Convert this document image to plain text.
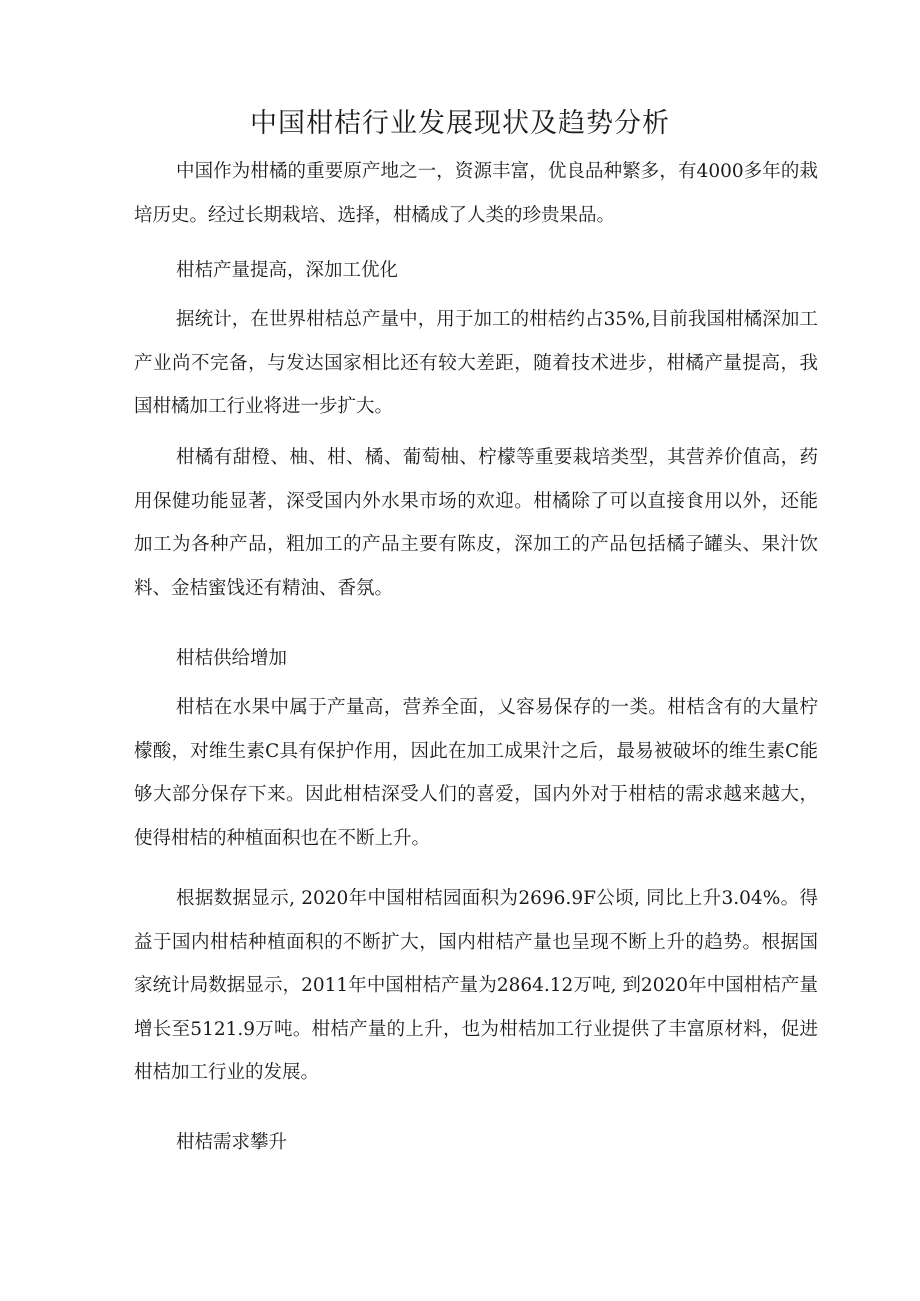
中国柑桔行业发展现状及趋势分析

中国作为柑橘的重要原产地之一，资源丰富，优良品种繁多，有4000多年的栽培历史。经过长期栽培、选择，柑橘成了人类的珍贵果品。

柑桔产量提高，深加工优化

据统计，在世界柑桔总产量中，用于加工的柑桔约占35%,目前我国柑橘深加工产业尚不完备，与发达国家相比还有较大差距，随着技术进步，柑橘产量提高，我国柑橘加工行业将进一步扩大。

柑橘有甜橙、柚、柑、橘、葡萄柚、柠檬等重要栽培类型，其营养价值高，药用保健功能显著，深受国内外水果市场的欢迎。柑橘除了可以直接食用以外，还能加工为各种产品，粗加工的产品主要有陈皮，深加工的产品包括橘子罐头、果汁饮料、金桔蜜饯还有精油、香氛。

柑桔供给增加

柑桔在水果中属于产量高，营养全面，乂容易保存的一类。柑桔含有的大量柠檬酸，对维生素C具有保护作用，因此在加工成果汁之后，最易被破坏的维生素C能够大部分保存下来。因此柑桔深受人们的喜爱，国内外对于柑桔的需求越来越大，使得柑桔的种植面积也在不断上升。

根据数据显示, 2020年中国柑桔园面积为2696.9F公顷, 同比上升3.04%。得益于国内柑桔种植面积的不断扩大，国内柑桔产量也呈现不断上升的趋势。根据国家统计局数据显示，2011年中国柑桔产量为2864.12万吨, 到2020年中国柑桔产量增长至5121.9万吨。柑桔产量的上升，也为柑桔加工行业提供了丰富原材料，促进柑桔加工行业的发展。

柑桔需求攀升
